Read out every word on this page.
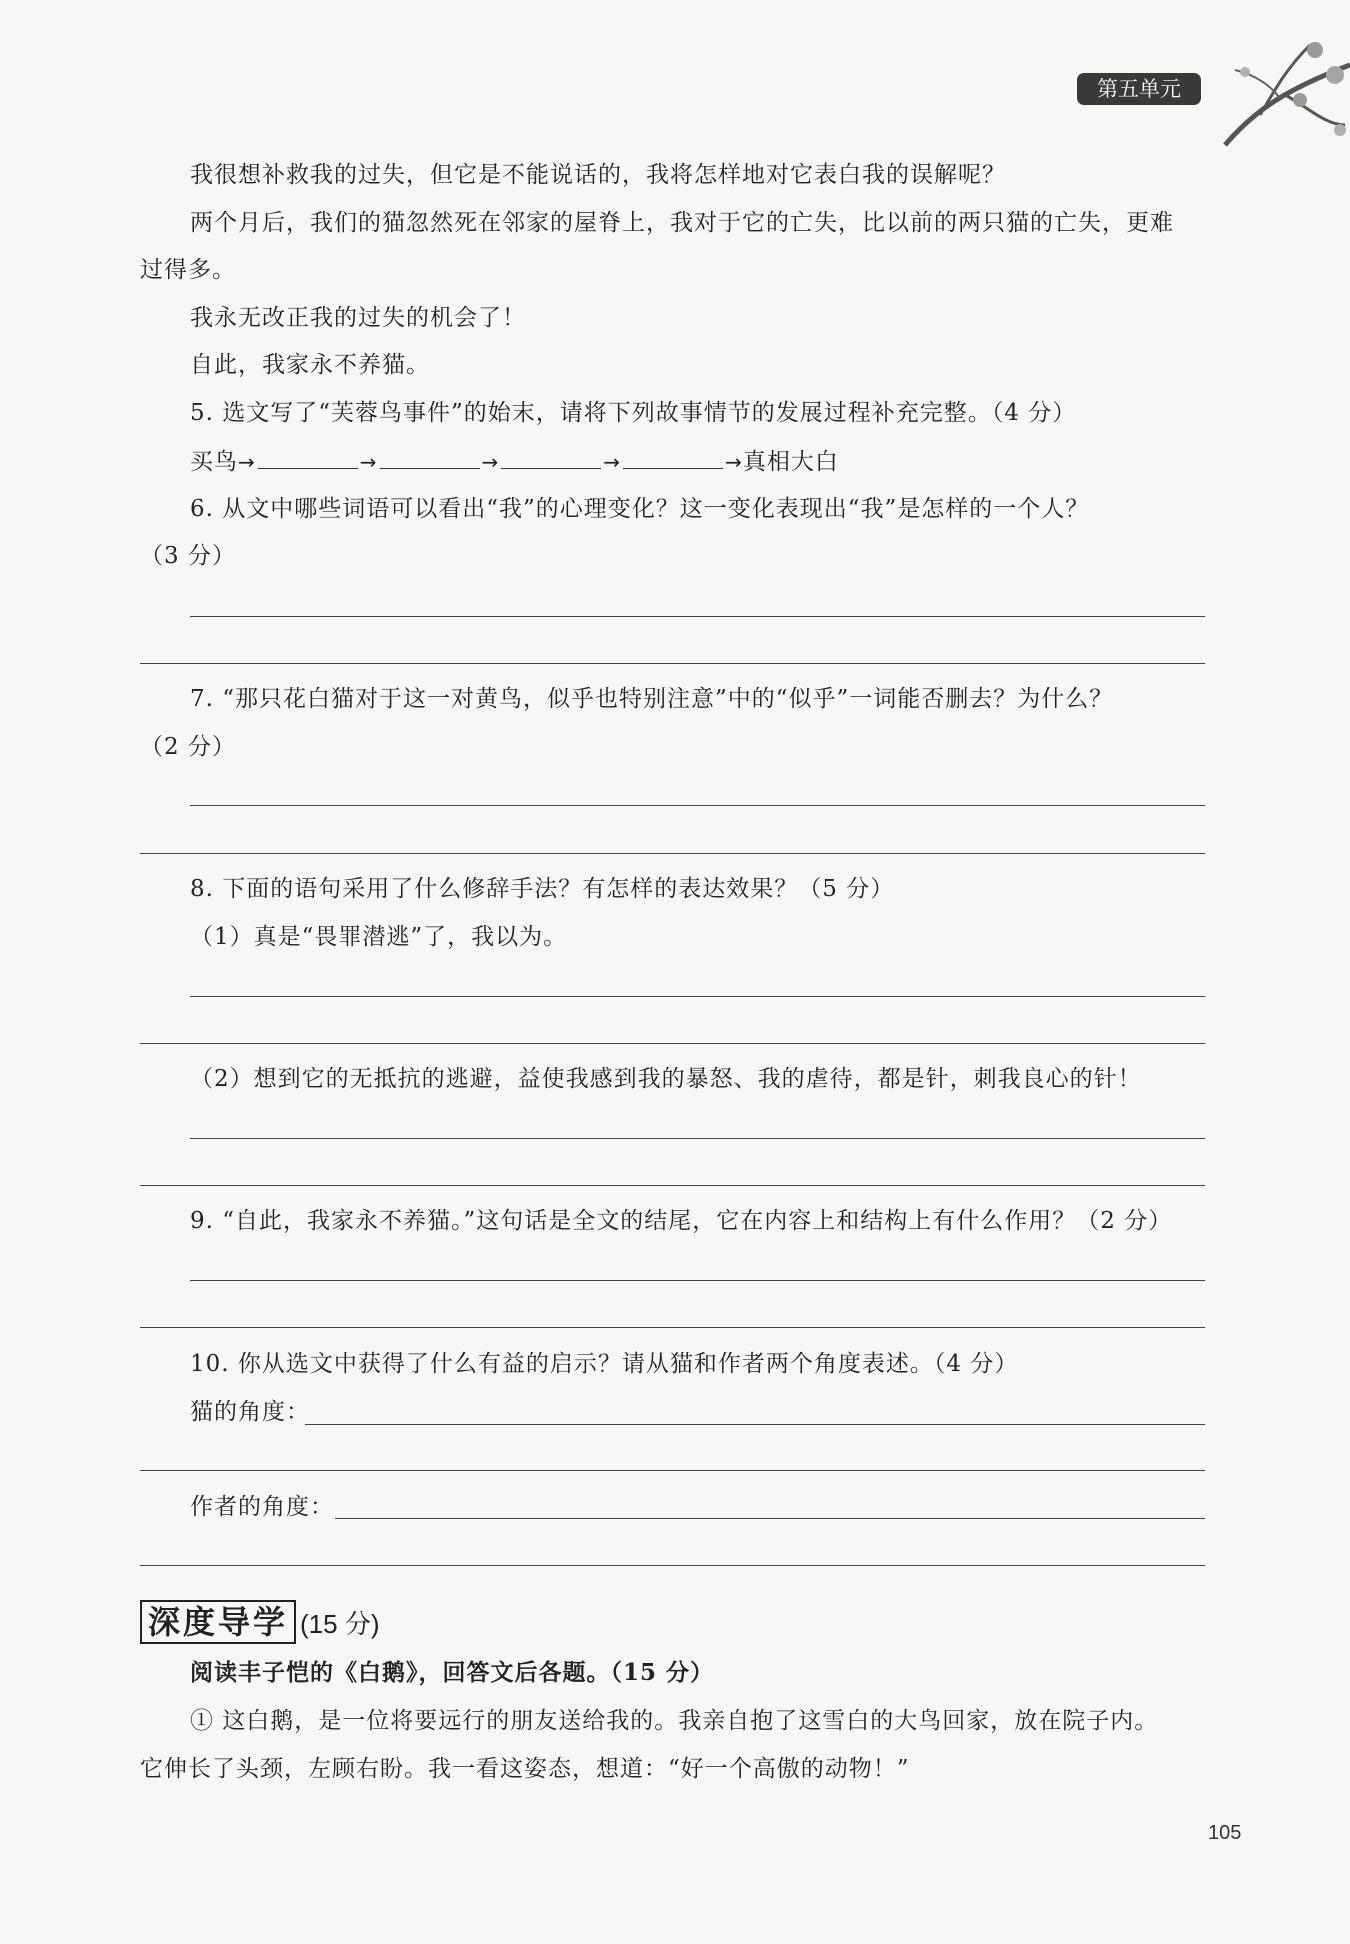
第五单元
我很想补救我的过失，但它是不能说话的，我将怎样地对它表白我的误解呢？
两个月后，我们的猫忽然死在邻家的屋脊上，我对于它的亡失，比以前的两只猫的亡失，更难
过得多。
我永无改正我的过失的机会了！
自此，我家永不养猫。
5. 选文写了“芙蓉鸟事件”的始末，请将下列故事情节的发展过程补充完整。（4 分）
买鸟→	→	→	→	→真相大白
6. 从文中哪些词语可以看出“我”的心理变化？这一变化表现出“我”是怎样的一个人？
（3 分）
7. “那只花白猫对于这一对黄鸟，似乎也特别注意”中的“似乎”一词能否删去？为什么？
（2 分）
8. 下面的语句采用了什么修辞手法？有怎样的表达效果？（5 分）
（1）真是“畏罪潜逃”了，我以为。
（2）想到它的无抵抗的逃避，益使我感到我的暴怒、我的虐待，都是针，刺我良心的针！
9. “自此，我家永不养猫。”这句话是全文的结尾，它在内容上和结构上有什么作用？（2 分）
10. 你从选文中获得了什么有益的启示？请从猫和作者两个角度表述。（4 分）
猫的角度：
作者的角度：
深度导学 (15 分)
阅读丰子恺的《白鹅》，回答文后各题。（15 分）
① 这白鹅，是一位将要远行的朋友送给我的。我亲自抱了这雪白的大鸟回家，放在院子内。
它伸长了头颈，左顾右盼。我一看这姿态，想道：“好一个高傲的动物！”
105
